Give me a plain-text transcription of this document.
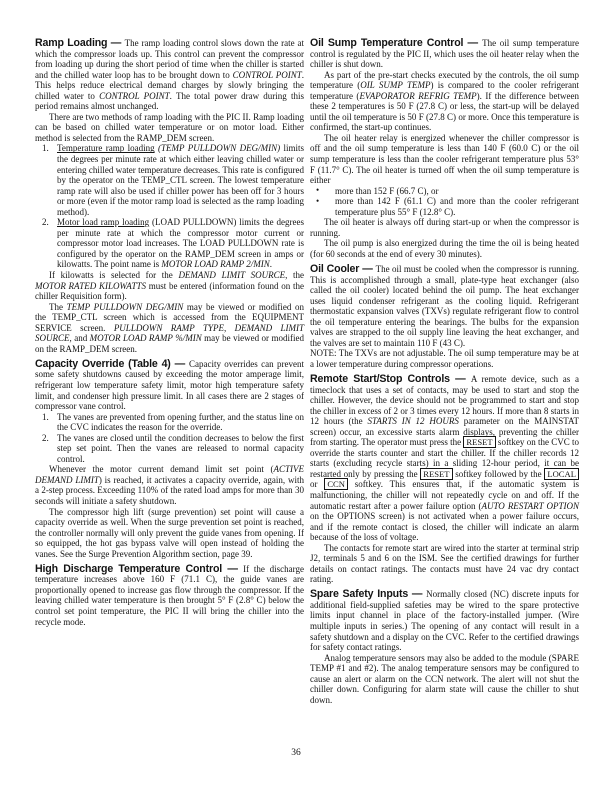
Ramp Loading — The ramp loading control slows down the rate at which the compressor loads up. This control can prevent the compressor from loading up during the short period of time when the chiller is started and the chilled water loop has to be brought down to CONTROL POINT. This helps reduce electrical demand charges by slowly bringing the chilled water to CONTROL POINT. The total power draw during this period remains almost unchanged.
There are two methods of ramp loading with the PIC II. Ramp loading can be based on chilled water temperature or on motor load. Either method is selected from the RAMP_DEM screen.
1. Temperature ramp loading (TEMP PULLDOWN DEG/MIN) limits the degrees per minute rate at which either leaving chilled water or entering chilled water temperature decreases. This rate is configured by the operator on the TEMP_CTL screen. The lowest temperature ramp rate will also be used if chiller power has been off for 3 hours or more (even if the motor ramp load is selected as the ramp loading method).
2. Motor load ramp loading (LOAD PULLDOWN) limits the degrees per minute rate at which the compressor motor current or compressor motor load increases. The LOAD PULLDOWN rate is configured by the operator on the RAMP_DEM screen in amps or kilowatts. The point name is MOTOR LOAD RAMP 2/MIN.
If kilowatts is selected for the DEMAND LIMIT SOURCE, the MOTOR RATED KILOWATTS must be entered (information found on the chiller Requisition form).
The TEMP PULLDOWN DEG/MIN may be viewed or modified on the TEMP_CTL screen which is accessed from the EQUIPMENT SERVICE screen. PULLDOWN RAMP TYPE, DEMAND LIMIT SOURCE, and MOTOR LOAD RAMP %/MIN may be viewed or modified on the RAMP_DEM screen.
Capacity Override (Table 4) — Capacity overrides can prevent some safety shutdowns caused by exceeding the motor amperage limit, refrigerant low temperature safety limit, motor high temperature safety limit, and condenser high pressure limit. In all cases there are 2 stages of compressor vane control.
1. The vanes are prevented from opening further, and the status line on the CVC indicates the reason for the override.
2. The vanes are closed until the condition decreases to below the first step set point. Then the vanes are released to normal capacity control.
Whenever the motor current demand limit set point (ACTIVE DEMAND LIMIT) is reached, it activates a capacity override, again, with a 2-step process. Exceeding 110% of the rated load amps for more than 30 seconds will initiate a safety shutdown.
The compressor high lift (surge prevention) set point will cause a capacity override as well. When the surge prevention set point is reached, the controller normally will only prevent the guide vanes from opening. If so equipped, the hot gas bypass valve will open instead of holding the vanes. See the Surge Prevention Algorithm section, page 39.
High Discharge Temperature Control — If the discharge temperature increases above 160 F (71.1 C), the guide vanes are proportionally opened to increase gas flow through the compressor. If the leaving chilled water temperature is then brought 5° F (2.8° C) below the control set point temperature, the PIC II will bring the chiller into the recycle mode.
Oil Sump Temperature Control — The oil sump temperature control is regulated by the PIC II, which uses the oil heater relay when the chiller is shut down.
As part of the pre-start checks executed by the controls, the oil sump temperature (OIL SUMP TEMP) is compared to the cooler refrigerant temperature (EVAPORATOR REFRIG TEMP). If the difference between these 2 temperatures is 50 F (27.8 C) or less, the start-up will be delayed until the oil temperature is 50 F (27.8 C) or more. Once this temperature is confirmed, the start-up continues.
The oil heater relay is energized whenever the chiller compressor is off and the oil sump temperature is less than 140 F (60.0 C) or the oil sump temperature is less than the cooler refrigerant temperature plus 53° F (11.7° C). The oil heater is turned off when the oil sump temperature is either
• more than 152 F (66.7 C), or
• more than 142 F (61.1 C) and more than the cooler refrigerant temperature plus 55° F (12.8° C).
The oil heater is always off during start-up or when the compressor is running.
The oil pump is also energized during the time the oil is being heated (for 60 seconds at the end of every 30 minutes).
Oil Cooler — The oil must be cooled when the compressor is running. This is accomplished through a small, plate-type heat exchanger (also called the oil cooler) located behind the oil pump. The heat exchanger uses liquid condenser refrigerant as the cooling liquid. Refrigerant thermostatic expansion valves (TXVs) regulate refrigerant flow to control the oil temperature entering the bearings. The bulbs for the expansion valves are strapped to the oil supply line leaving the heat exchanger, and the valves are set to maintain 110 F (43 C).
NOTE: The TXVs are not adjustable. The oil sump temperature may be at a lower temperature during compressor operations.
Remote Start/Stop Controls — A remote device, such as a timeclock that uses a set of contacts, may be used to start and stop the chiller. However, the device should not be programmed to start and stop the chiller in excess of 2 or 3 times every 12 hours. If more than 8 starts in 12 hours (the STARTS IN 12 HOURS parameter on the MAINSTAT screen) occur, an excessive starts alarm displays, preventing the chiller from starting. The operator must press the RESET softkey on the CVC to override the starts counter and start the chiller. If the chiller records 12 starts (excluding recycle starts) in a sliding 12-hour period, it can be restarted only by pressing the RESET softkey followed by the LOCAL or CCN softkey. This ensures that, if the automatic system is malfunctioning, the chiller will not repeatedly cycle on and off. If the automatic restart after a power failure option (AUTO RESTART OPTION on the OPTIONS screen) is not activated when a power failure occurs, and if the remote contact is closed, the chiller will indicate an alarm because of the loss of voltage.
The contacts for remote start are wired into the starter at terminal strip J2, terminals 5 and 6 on the ISM. See the certified drawings for further details on contact ratings. The contacts must have 24 vac dry contact rating.
Spare Safety Inputs — Normally closed (NC) discrete inputs for additional field-supplied safeties may be wired to the spare protective limits input channel in place of the factory-installed jumper. (Wire multiple inputs in series.) The opening of any contact will result in a safety shutdown and a display on the CVC. Refer to the certified drawings for safety contact ratings.
Analog temperature sensors may also be added to the module (SPARE TEMP #1 and #2). The analog temperature sensors may be configured to cause an alert or alarm on the CCN network. The alert will not shut the chiller down. Configuring for alarm state will cause the chiller to shut down.
36
